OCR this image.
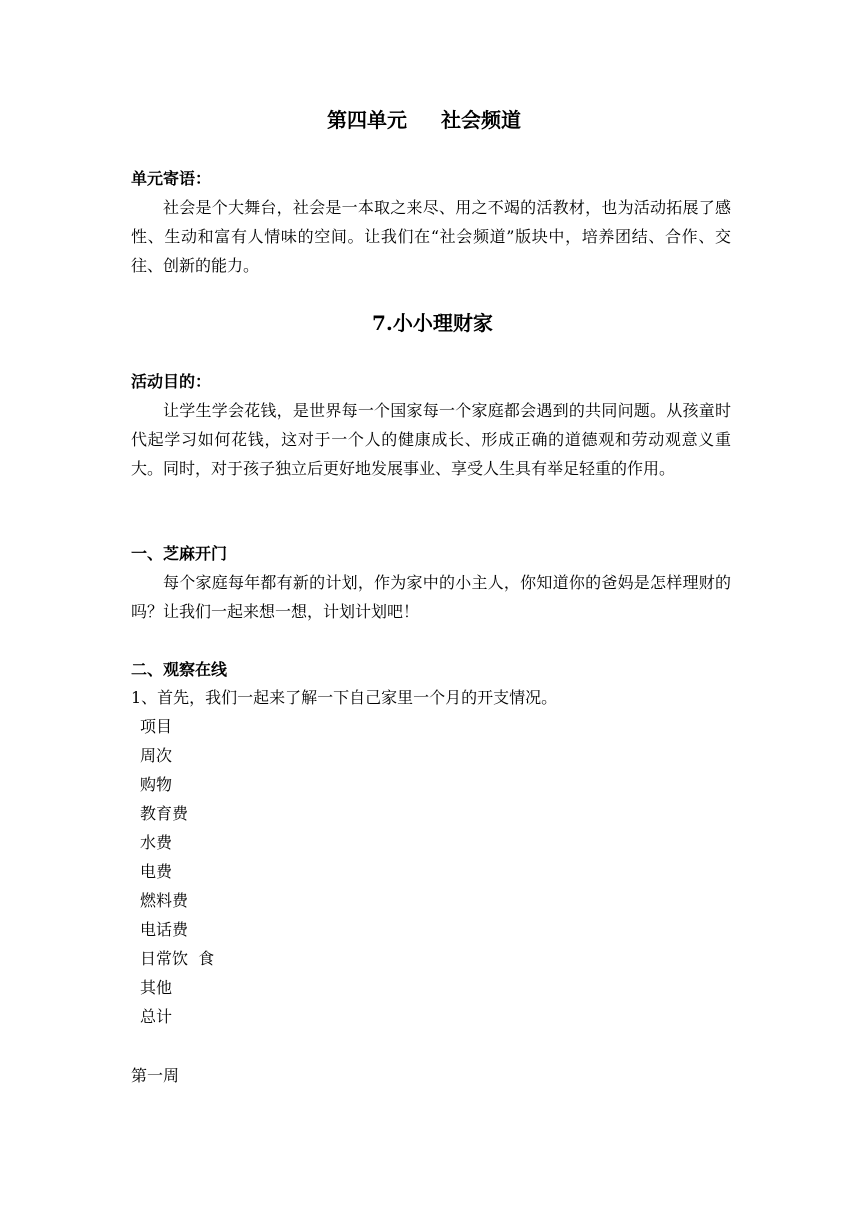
第四单元 社会频道
单元寄语：
社会是个大舞台，社会是一本取之来尽、用之不竭的活教材，也为活动拓展了感性、生动和富有人情味的空间。让我们在“社会频道”版块中，培养团结、合作、交往、创新的能力。
7.小小理财家
活动目的：
让学生学会花钱，是世界每一个国家每一个家庭都会遇到的共同问题。从孩童时代起学习如何花钱，这对于一个人的健康成长、形成正确的道德观和劳动观意义重大。同时，对于孩子独立后更好地发展事业、享受人生具有举足轻重的作用。
一、芝麻开门
每个家庭每年都有新的计划，作为家中的小主人，你知道你的爸妈是怎样理财的吗？让我们一起来想一想，计划计划吧！
二、观察在线
1、首先，我们一起来了解一下自己家里一个月的开支情况。
项目
周次
购物
教育费
水费
电费
燃料费
电话费
日常饮  食
其他
总计
第一周
